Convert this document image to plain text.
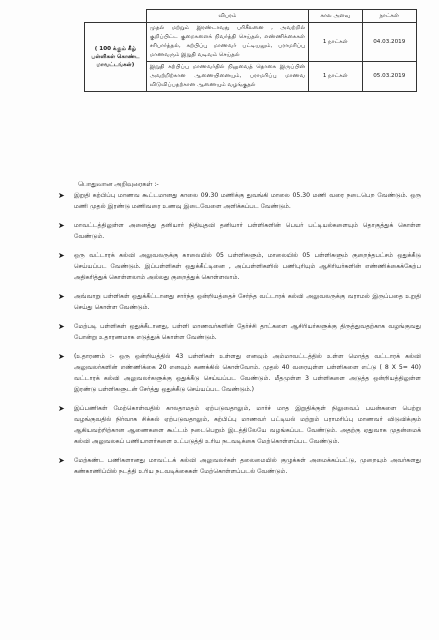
	விபரம்	கால அளவு	நாட்கள்
( 100 க்கும் கீழ் பள்ளிகள் கொண்ட மாவட்டங்கள்)	முதல் மற்றும் இரண்டாவது பரிசீலனை , அவற்றில் குறிப்பிட்ட குறைகளைக் நிவர்த்தி செய்தல், எண்ணிக்கைகள் சரிபார்த்தல், கற்பிப்பு மாணவர் பட்டியலும், பராமரிப்பு மாணவரும் இறுதி வடிவம் செய்தல்	1 நாட்கள்	04.03.2019
	இறுதி கற்பிப்பு மாணவர்தில் நிலுவைத் தொகை இருப்பின் அவற்றிற்கான ஆணையினையும், பராமரிப்பு மாணவ விடுவிப்பதற்கான ஆணையும் வழங்குதல்	1 நாட்கள்	05.03.2019
பொதுவான அறிவுரைகள் :-
➤ இறுதி கற்பிப்பு மாணவ கூட்டமானது காலை 09.30 மணிக்கு துவங்கி மாலை 05.30 மணி வரை நடைபெற வேண்டும். ஒரு மணி முதல் இரண்டு மணிவரை உணவு இடைவேளை அளிக்கப்பட வேண்டும்.
➤ மாவட்டத்திலுள்ள அனைத்து தனியார் நிதியுதவி தனியார் பள்ளிகளின் பெயர் பட்டியல்களையும் தொகுத்துக் கொள்ள வேண்டும்.
➤ ஒரு வட்டாரக் கல்வி அலுவலருக்கு காலையில் 05 பள்ளிகளும், மாலையில் 05 பள்ளிகளும் குறைந்தபட்சம் ஒதுக்கீடு செய்யப்பட வேண்டும். இப்பள்ளிகள் ஒதுக்கீட்டினை , அப்பள்ளிகளில் பணிபுரியும் ஆசிரியர்களின் எண்ணிக்கைக்கேற்ப அதிகரித்துக் கொள்ளலாம் அல்லது குறைத்துக் கொள்ளலாம்.
➤ அவ்வாறு பள்ளிகள் ஒதுக்கீட்டானது சார்ந்த ஒன்றியத்தைச் சேர்ந்த வட்டாரக் கல்வி அலுவலருக்கு வராமல் இருப்பதை உறுதி செய்து கொள்ள வேண்டும்.
➤ மேற்படி பள்ளிகள் ஒதுக்கீடானது, பள்ளி மாணவர்களின் தேர்ச்சி தாட்களை ஆசிரியர்களுக்கு திருத்துவதற்காக வழங்குவது போன்று உதாரணமாக எடுத்துக் கொள்ள வேண்டும்.
➤ (உதாரணம் :- ஒரு ஒன்றியத்தில் 43 பள்ளிகள் உள்ளது எனவும் அம்மாவட்டத்தில் உள்ள மொத்த வட்டாரக் கல்வி அலுவலர்களின் எண்ணிக்கை 20 எனவும் கணக்கில் கொள்வோம். முதல் 40 வரையுள்ள பள்ளிகளை எட்டு ( 8 X 5= 40) வட்டாரக் கல்வி அலுவலர்களுக்கு ஒதுக்கீடு செய்யப்பட வேண்டும். மீதமுள்ள 3 பள்ளிகளை அடுத்த ஒன்றியத்திலுள்ள இரண்டு பள்ளிகளுடன் சேர்த்து ஒதுக்கீடு செய்யப்பட வேண்டும்.)
➤ இப்பணிகள் மேற்கொள்வதில் காலதாமதம் ஏற்படுவதாலும், மார்ச் மாத இறுதிக்குள் நிலுவைப் பயன்களை பெற்று வழங்குவதில் நிர்வாக சிக்கல் ஏற்படுவதாலும், கற்பிப்பு மாணவர் பட்டியல் மற்றும் பராமரிப்பு மாணவர் விடுவிக்கும் ஆகியவற்றிற்கான ஆணைகளை கூட்டம் நடைபெறும் இடத்திலேயே வழங்கப்பட வேண்டும். அதற்கு ஏதுவாக முதன்மைக் கல்வி அலுவலகப் பணியாளர்களை உட்படுத்தி உரிய நடவடிக்கை மேற்கொள்ளப்பட வேண்டும்.
➤ மேற்கண்ட பணிகளானது மாவட்டக் கல்வி அலுவலர்கள் தலைமையில் குழுக்கள் அமைக்கப்பட்டு, முறையும் அவர்களது கண்காணிப்பில் நடத்தி உரிய நடவடிக்கைகள் மேற்கொள்ளப்படல் வேண்டும்.
